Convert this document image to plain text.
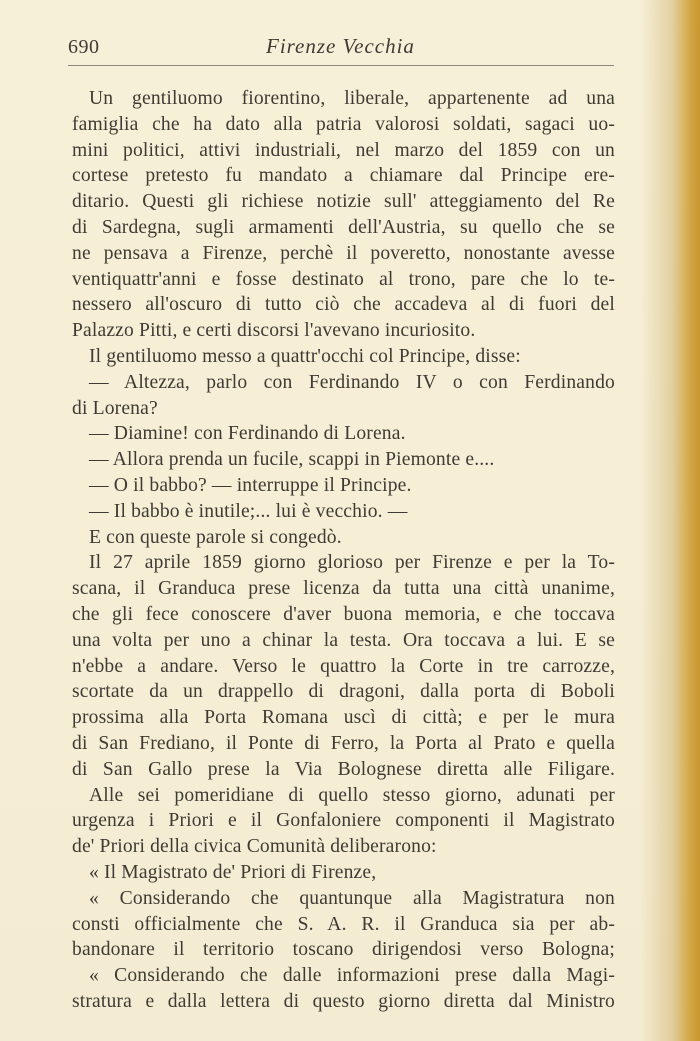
690	Firenze Vecchia
Un gentiluomo fiorentino, liberale, appartenente ad una
famiglia che ha dato alla patria valorosi soldati, sagaci uo-
mini politici, attivi industriali, nel marzo del 1859 con un
cortese pretesto fu mandato a chiamare dal Principe ere-
ditario. Questi gli richiese notizie sull' atteggiamento del Re
di Sardegna, sugli armamenti dell'Austria, su quello che se
ne pensava a Firenze, perchè il poveretto, nonostante avesse
ventiquattr'anni e fosse destinato al trono, pare che lo te-
nessero all'oscuro di tutto ciò che accadeva al di fuori del
Palazzo Pitti, e certi discorsi l'avevano incuriosito.
Il gentiluomo messo a quattr'occhi col Principe, disse:
— Altezza, parlo con Ferdinando IV o con Ferdinando
di Lorena?
— Diamine! con Ferdinando di Lorena.
— Allora prenda un fucile, scappi in Piemonte e....
— O il babbo? — interruppe il Principe.
— Il babbo è inutile;... lui è vecchio. —
E con queste parole si congedò.
Il 27 aprile 1859 giorno glorioso per Firenze e per la To-
scana, il Granduca prese licenza da tutta una città unanime,
che gli fece conoscere d'aver buona memoria, e che toccava
una volta per uno a chinar la testa. Ora toccava a lui. E se
n'ebbe a andare. Verso le quattro la Corte in tre carrozze,
scortate da un drappello di dragoni, dalla porta di Boboli
prossima alla Porta Romana uscì di città; e per le mura
di San Frediano, il Ponte di Ferro, la Porta al Prato e quella
di San Gallo prese la Via Bolognese diretta alle Filigare.
Alle sei pomeridiane di quello stesso giorno, adunati per
urgenza i Priori e il Gonfaloniere componenti il Magistrato
de' Priori della civica Comunità deliberarono:
« Il Magistrato de' Priori di Firenze,
« Considerando che quantunque alla Magistratura non
consti officialmente che S. A. R. il Granduca sia per ab-
bandonare il territorio toscano dirigendosi verso Bologna;
« Considerando che dalle informazioni prese dalla Magi-
stratura e dalla lettera di questo giorno diretta dal Ministro
